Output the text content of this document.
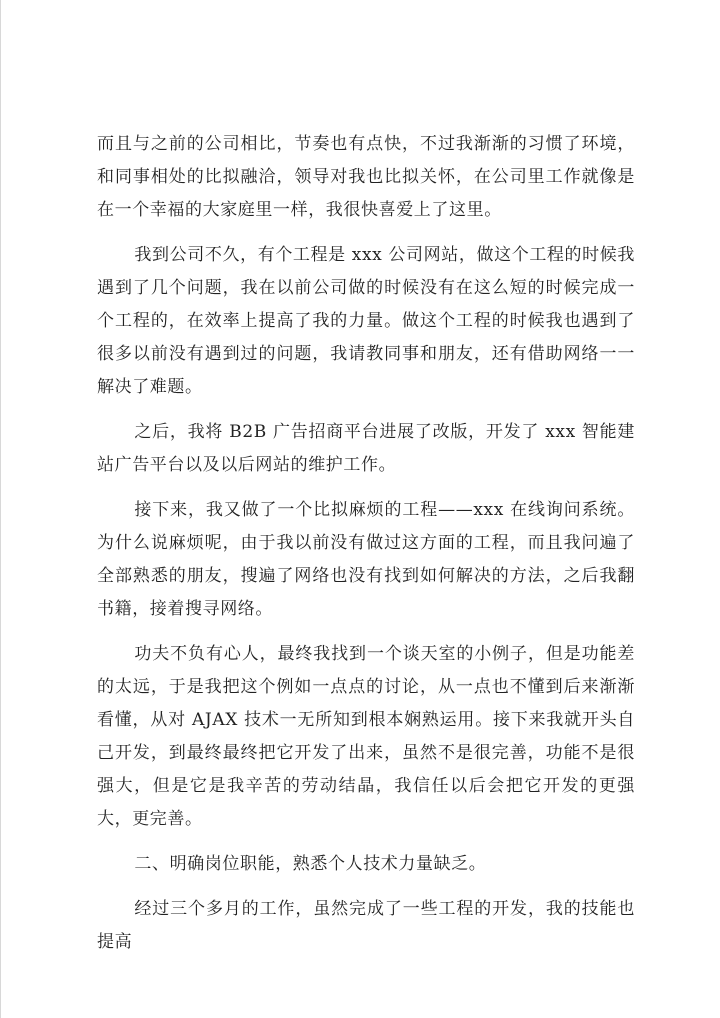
而且与之前的公司相比，节奏也有点快，不过我渐渐的习惯了环境，和同事相处的比拟融洽，领导对我也比拟关怀，在公司里工作就像是在一个幸福的大家庭里一样，我很快喜爱上了这里。

我到公司不久，有个工程是 xxx 公司网站，做这个工程的时候我遇到了几个问题，我在以前公司做的时候没有在这么短的时候完成一个工程的，在效率上提高了我的力量。做这个工程的时候我也遇到了很多以前没有遇到过的问题，我请教同事和朋友，还有借助网络一一解决了难题。

之后，我将 B2B 广告招商平台进展了改版，开发了 xxx 智能建站广告平台以及以后网站的维护工作。

接下来，我又做了一个比拟麻烦的工程——xxx 在线询问系统。为什么说麻烦呢，由于我以前没有做过这方面的工程，而且我问遍了全部熟悉的朋友，搜遍了网络也没有找到如何解决的方法，之后我翻书籍，接着搜寻网络。

功夫不负有心人，最终我找到一个谈天室的小例子，但是功能差的太远，于是我把这个例如一点点的讨论，从一点也不懂到后来渐渐看懂，从对 AJAX 技术一无所知到根本娴熟运用。接下来我就开头自己开发，到最终最终把它开发了出来，虽然不是很完善，功能不是很强大，但是它是我辛苦的劳动结晶，我信任以后会把它开发的更强大，更完善。

二、明确岗位职能，熟悉个人技术力量缺乏。

经过三个多月的工作，虽然完成了一些工程的开发，我的技能也提高
